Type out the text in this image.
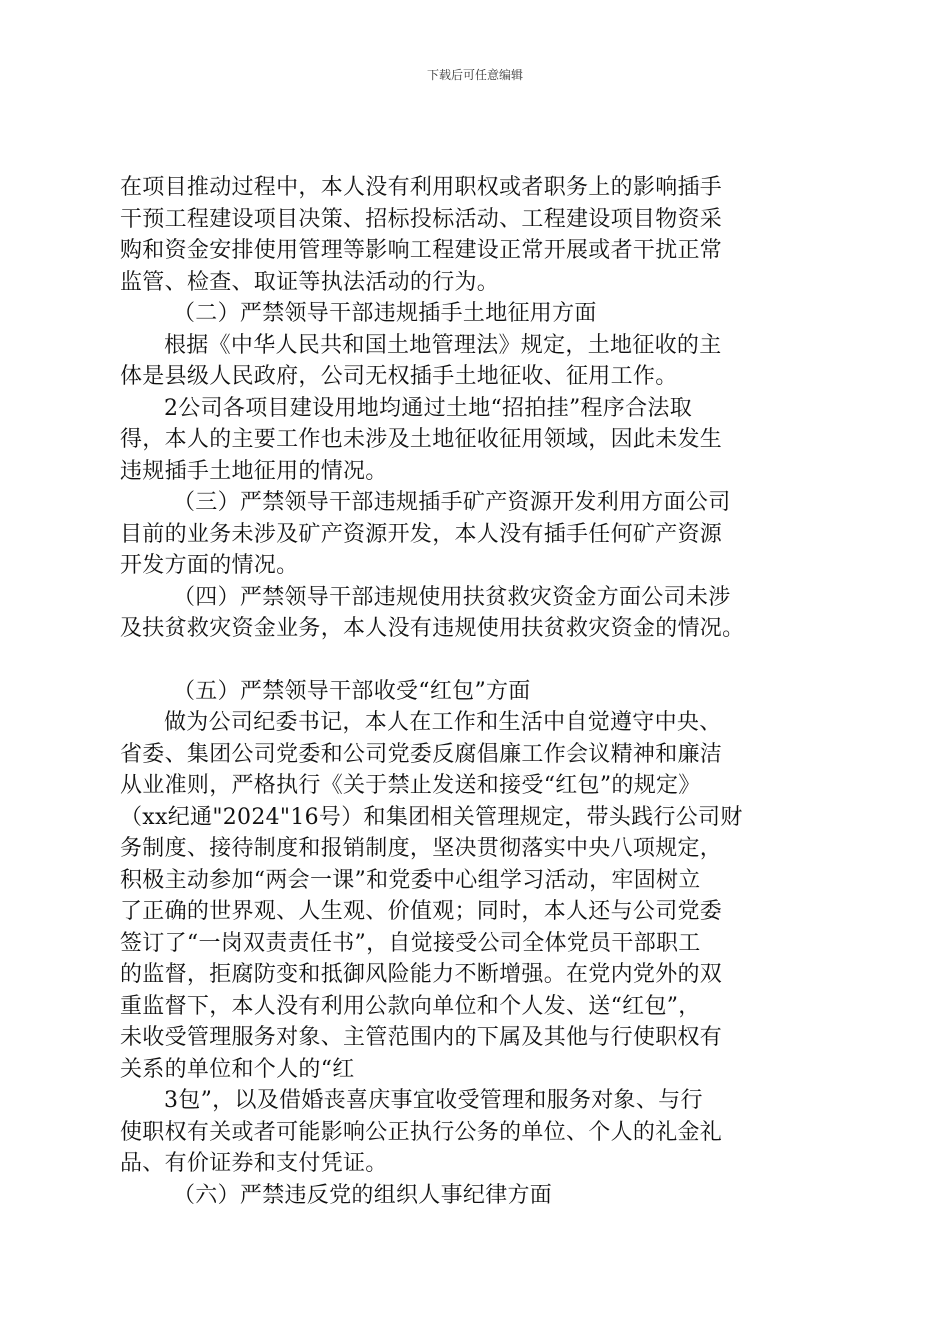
下载后可任意编辑
在项目推动过程中，本人没有利用职权或者职务上的影响插手
干预工程建设项目决策、招标投标活动、工程建设项目物资采
购和资金安排使用管理等影响工程建设正常开展或者干扰正常
监管、检查、取证等执法活动的行为。
（二）严禁领导干部违规插手土地征用方面
根据《中华人民共和国土地管理法》规定，土地征收的主
体是县级人民政府，公司无权插手土地征收、征用工作。
2公司各项目建设用地均通过土地“招拍挂”程序合法取
得，本人的主要工作也未涉及土地征收征用领域，因此未发生
违规插手土地征用的情况。
（三）严禁领导干部违规插手矿产资源开发利用方面公司
目前的业务未涉及矿产资源开发，本人没有插手任何矿产资源
开发方面的情况。
（四）严禁领导干部违规使用扶贫救灾资金方面公司未涉
及扶贫救灾资金业务，本人没有违规使用扶贫救灾资金的情况。
（五）严禁领导干部收受“红包”方面
做为公司纪委书记，本人在工作和生活中自觉遵守中央、
省委、集团公司党委和公司党委反腐倡廉工作会议精神和廉洁
从业准则，严格执行《关于禁止发送和接受“红包”的规定》
（xx纪通"2024"16号）和集团相关管理规定，带头践行公司财
务制度、接待制度和报销制度，坚决贯彻落实中央八项规定，
积极主动参加“两会一课”和党委中心组学习活动，牢固树立
了正确的世界观、人生观、价值观；同时，本人还与公司党委
签订了“一岗双责责任书”，自觉接受公司全体党员干部职工
的监督，拒腐防变和抵御风险能力不断增强。在党内党外的双
重监督下，本人没有利用公款向单位和个人发、送“红包”，
未收受管理服务对象、主管范围内的下属及其他与行使职权有
关系的单位和个人的“红
3包”，以及借婚丧喜庆事宜收受管理和服务对象、与行
使职权有关或者可能影响公正执行公务的单位、个人的礼金礼
品、有价证券和支付凭证。
（六）严禁违反党的组织人事纪律方面
